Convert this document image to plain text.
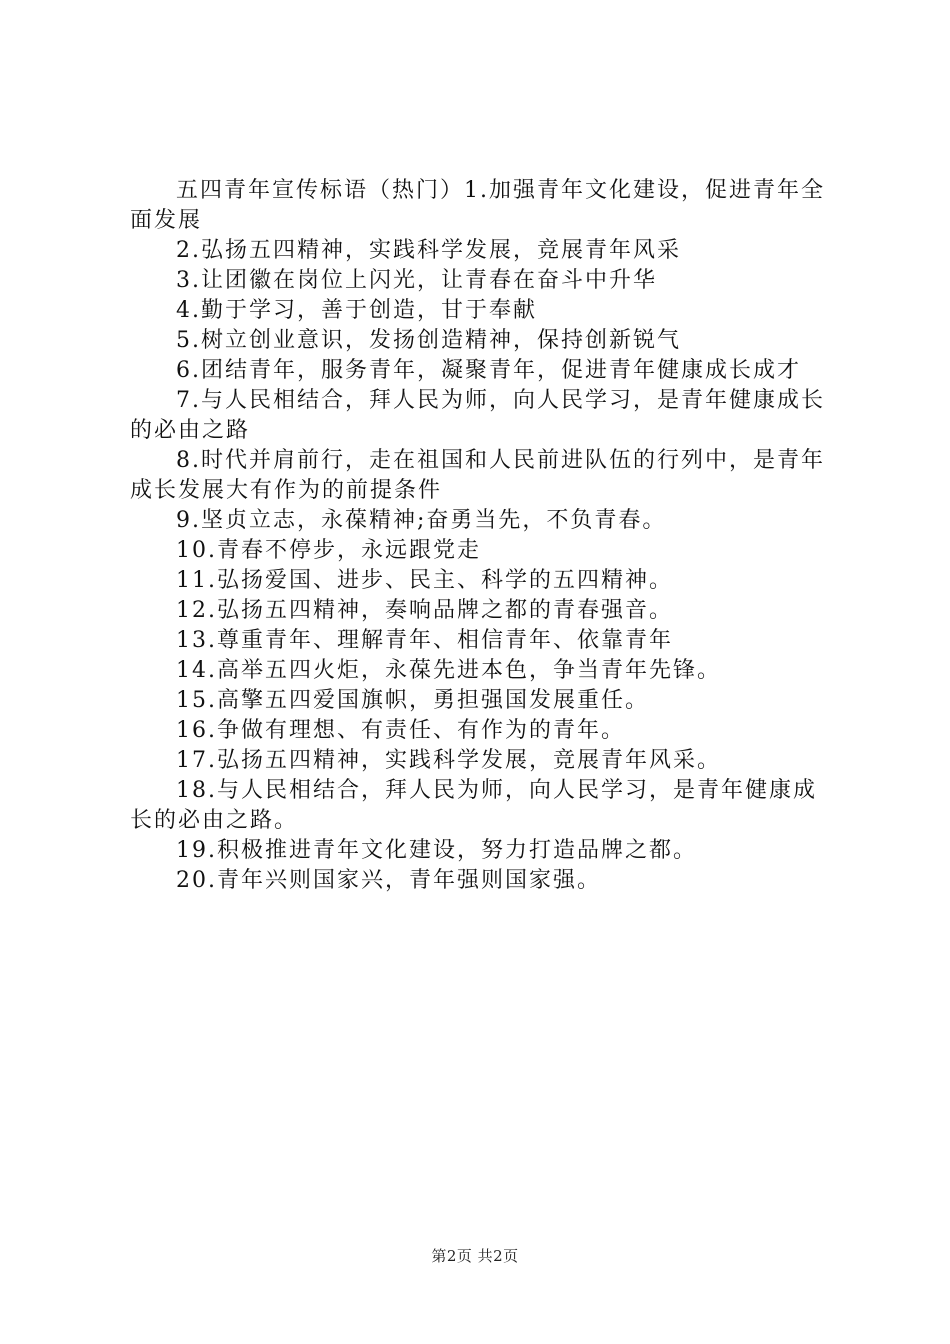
五四青年宣传标语（热门）1.加强青年文化建设，促进青年全面发展

2.弘扬五四精神，实践科学发展，竞展青年风采

3.让团徽在岗位上闪光，让青春在奋斗中升华

4.勤于学习，善于创造，甘于奉献

5.树立创业意识，发扬创造精神，保持创新锐气

6.团结青年，服务青年，凝聚青年，促进青年健康成长成才

7.与人民相结合，拜人民为师，向人民学习，是青年健康成长的必由之路

8.时代并肩前行，走在祖国和人民前进队伍的行列中，是青年成长发展大有作为的前提条件

9.坚贞立志，永葆精神;奋勇当先，不负青春。

10.青春不停步，永远跟党走

11.弘扬爱国、进步、民主、科学的五四精神。

12.弘扬五四精神，奏响品牌之都的青春强音。

13.尊重青年、理解青年、相信青年、依靠青年

14.高举五四火炬，永葆先进本色，争当青年先锋。

15.高擎五四爱国旗帜，勇担强国发展重任。

16.争做有理想、有责任、有作为的青年。

17.弘扬五四精神，实践科学发展，竞展青年风采。

18.与人民相结合，拜人民为师，向人民学习，是青年健康成长的必由之路。

19.积极推进青年文化建设，努力打造品牌之都。

20.青年兴则国家兴，青年强则国家强。

第2页 共2页
